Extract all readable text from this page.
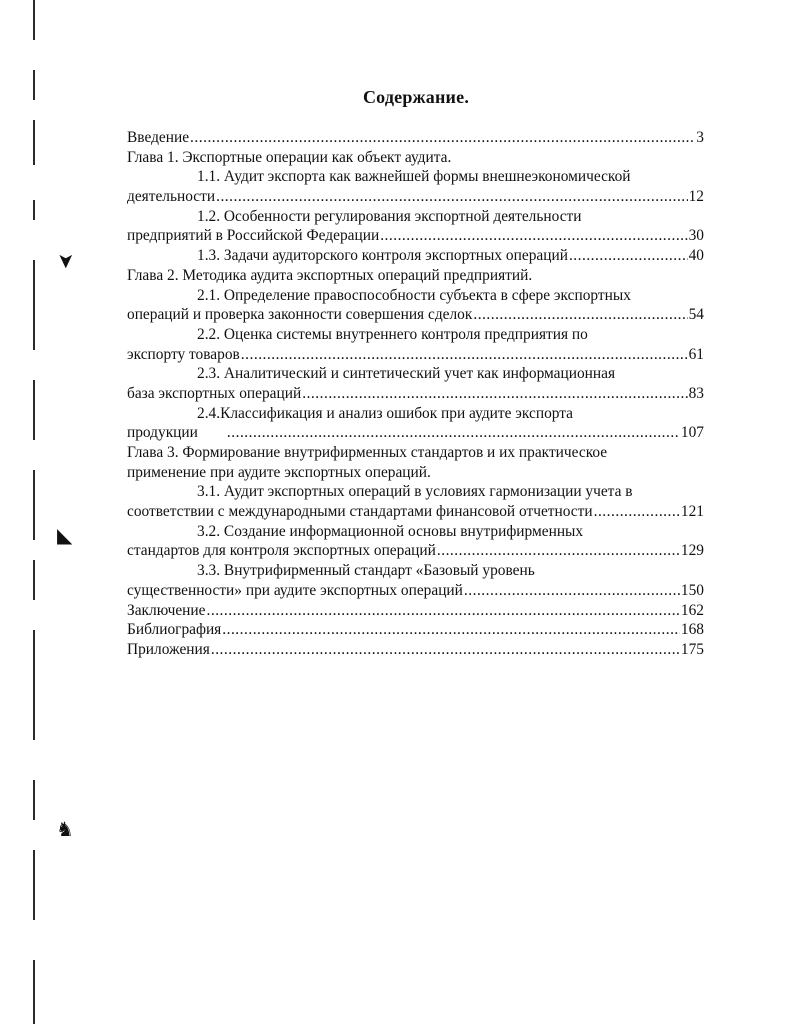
➤
◣
♞
Содержание.
Введение .....	3
Глава 1. Экспортные операции как объект аудита.
1.1. Аудит экспорта как важнейшей формы внешнеэкономической
деятельности .....	12
1.2. Особенности регулирования экспортной деятельности
предприятий в Российской Федерации .....	30
1.3. Задачи аудиторского контроля экспортных операций .....	40
Глава 2. Методика аудита экспортных операций предприятий.
2.1. Определение правоспособности субъекта в сфере экспортных
операций и проверка законности совершения сделок .....	54
2.2. Оценка системы внутреннего контроля предприятия по
экспорту товаров .....	61
2.3. Аналитический и синтетический учет как информационная
база экспортных операций .....	83
2.4.Классификация и анализ ошибок при аудите экспорта
продукции .....	107
Глава 3. Формирование внутрифирменных стандартов и их практическое
применение при аудите экспортных операций.
3.1. Аудит экспортных операций в условиях гармонизации учета в
соответствии с международными стандартами финансовой отчетности .....	121
3.2. Создание информационной основы внутрифирменных
стандартов для контроля экспортных операций .....	129
3.3. Внутрифирменный стандарт «Базовый уровень
существенности» при аудите экспортных операций .....	150
Заключение .....	162
Библиография .....	168
Приложения .....	175
